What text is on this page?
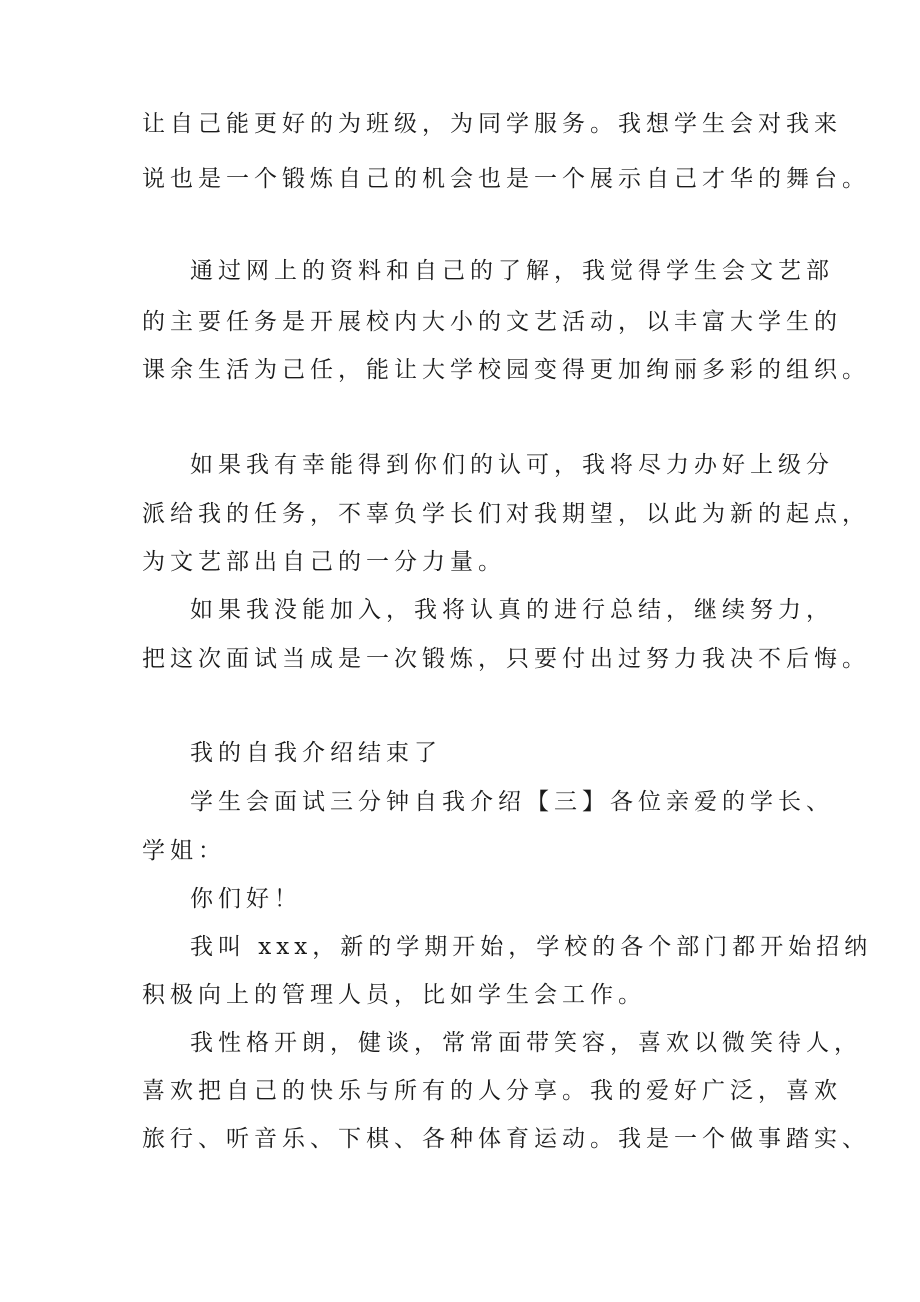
让自己能更好的为班级，为同学服务。我想学生会对我来
说也是一个锻炼自己的机会也是一个展示自己才华的舞台。
通过网上的资料和自己的了解，我觉得学生会文艺部
的主要任务是开展校内大小的文艺活动，以丰富大学生的
课余生活为己任，能让大学校园变得更加绚丽多彩的组织。
如果我有幸能得到你们的认可，我将尽力办好上级分
派给我的任务，不辜负学长们对我期望，以此为新的起点，
为文艺部出自己的一分力量。
如果我没能加入，我将认真的进行总结，继续努力，
把这次面试当成是一次锻炼，只要付出过努力我决不后悔。
我的自我介绍结束了
学生会面试三分钟自我介绍【三】各位亲爱的学长、
学姐：
你们好！
我叫 xxx，新的学期开始，学校的各个部门都开始招纳
积极向上的管理人员，比如学生会工作。
我性格开朗，健谈，常常面带笑容，喜欢以微笑待人，
喜欢把自己的快乐与所有的人分享。我的爱好广泛，喜欢
旅行、听音乐、下棋、各种体育运动。我是一个做事踏实、
